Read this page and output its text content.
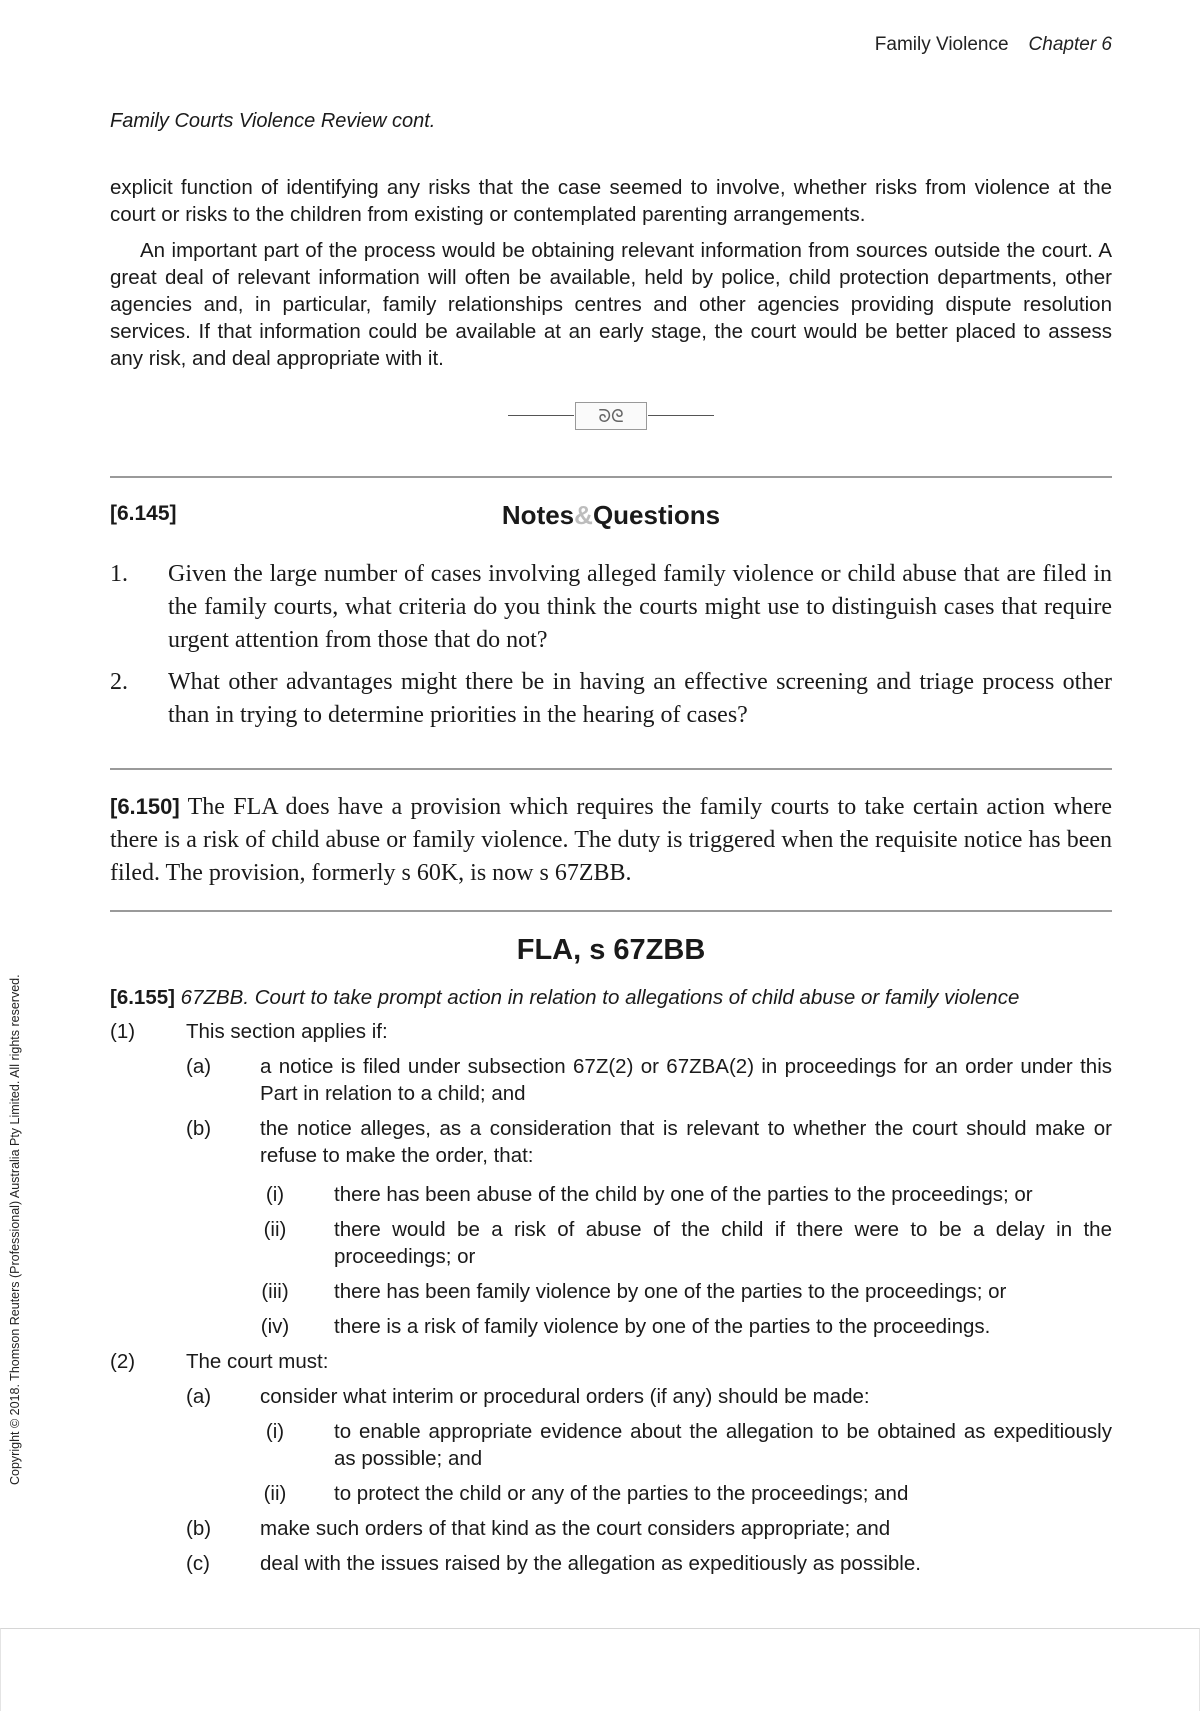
Family Violence Chapter 6
Copyright © 2018. Thomson Reuters (Professional) Australia Pty Limited. All rights reserved.
Family Courts Violence Review cont.

explicit function of identifying any risks that the case seemed to involve, whether risks from violence at the court or risks to the children from existing or contemplated parenting arrangements.

An important part of the process would be obtaining relevant information from sources outside the court. A great deal of relevant information will often be available, held by police, child protection departments, other agencies and, in particular, family relationships centres and other agencies providing dispute resolution services. If that information could be available at an early stage, the court would be better placed to assess any risk, and deal appropriate with it.

ᘐᘓ
[6.145]	Notes&Questions
1. Given the large number of cases involving alleged family violence or child abuse that are filed in the family courts, what criteria do you think the courts might use to distinguish cases that require urgent attention from those that do not?
2. What other advantages might there be in having an effective screening and triage process other than in trying to determine priorities in the hearing of cases?
[6.150] The FLA does have a provision which requires the family courts to take certain action where there is a risk of child abuse or family violence. The duty is triggered when the requisite notice has been filed. The provision, formerly s 60K, is now s 67ZBB.
FLA, s 67ZBB
[6.155] 67ZBB. Court to take prompt action in relation to allegations of child abuse or family violence
(1) This section applies if:
(a) a notice is filed under subsection 67Z(2) or 67ZBA(2) in proceedings for an order under this Part in relation to a child; and
(b) the notice alleges, as a consideration that is relevant to whether the court should make or refuse to make the order, that:
(i)	there has been abuse of the child by one of the parties to the proceedings; or
(ii)	there would be a risk of abuse of the child if there were to be a delay in the proceedings; or
(iii)	there has been family violence by one of the parties to the proceedings; or
(iv)	there is a risk of family violence by one of the parties to the proceedings.
(2) The court must:
(a) consider what interim or procedural orders (if any) should be made:
(i)	to enable appropriate evidence about the allegation to be obtained as expeditiously as possible; and
(ii)	to protect the child or any of the parties to the proceedings; and
(b) make such orders of that kind as the court considers appropriate; and
(c) deal with the issues raised by the allegation as expeditiously as possible.
